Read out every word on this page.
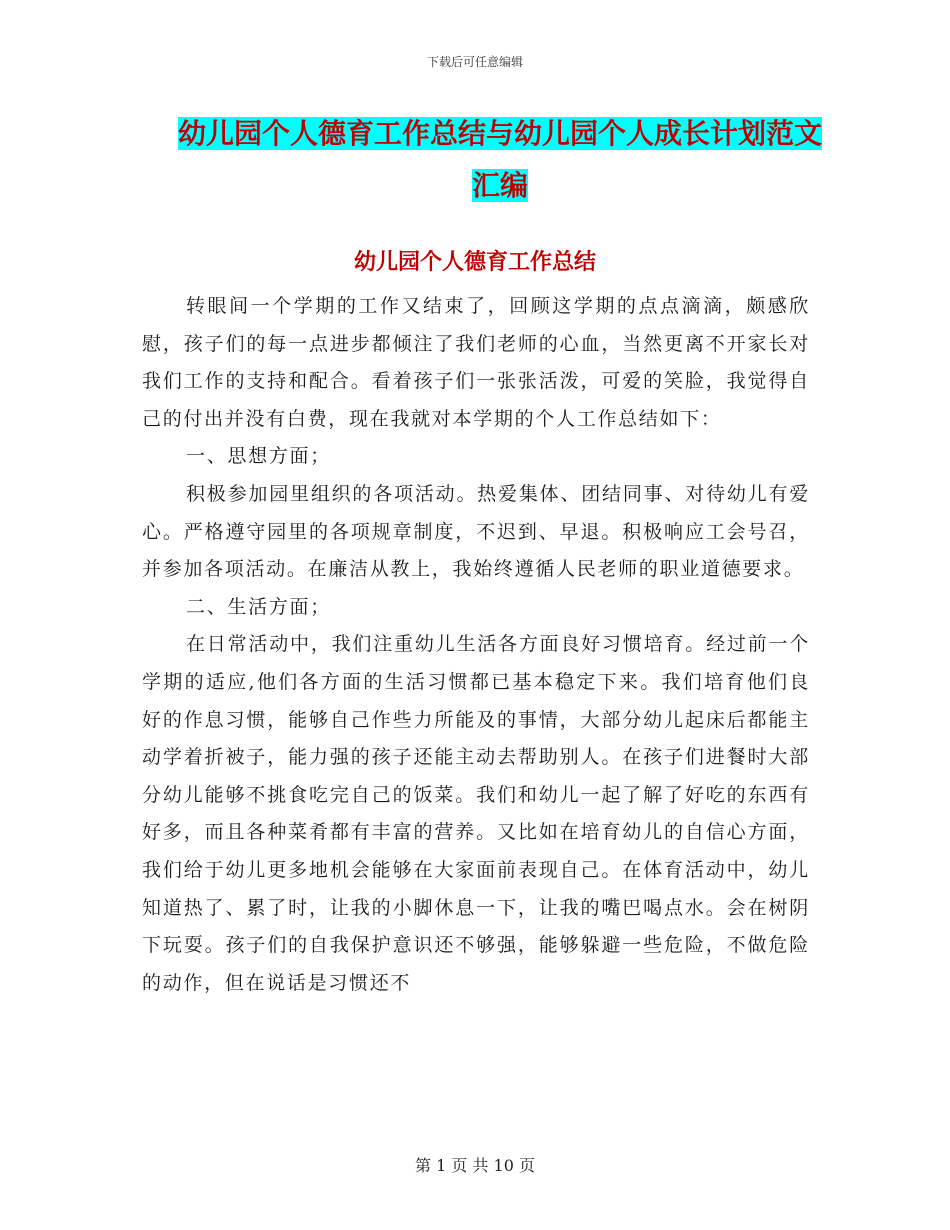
下载后可任意编辑
幼儿园个人德育工作总结与幼儿园个人成长计划范文
汇编
幼儿园个人德育工作总结

转眼间一个学期的工作又结束了，回顾这学期的点点滴滴，颇感欣慰，孩子们的每一点进步都倾注了我们老师的心血，当然更离不开家长对我们工作的支持和配合。看着孩子们一张张活泼，可爱的笑脸，我觉得自己的付出并没有白费，现在我就对本学期的个人工作总结如下：

一、思想方面；

积极参加园里组织的各项活动。热爱集体、团结同事、对待幼儿有爱心。严格遵守园里的各项规章制度，不迟到、早退。积极响应工会号召，并参加各项活动。在廉洁从教上，我始终遵循人民老师的职业道德要求。

二、生活方面；

在日常活动中，我们注重幼儿生活各方面良好习惯培育。经过前一个学期的适应,他们各方面的生活习惯都已基本稳定下来。我们培育他们良好的作息习惯，能够自己作些力所能及的事情，大部分幼儿起床后都能主动学着折被子，能力强的孩子还能主动去帮助别人。在孩子们进餐时大部分幼儿能够不挑食吃完自己的饭菜。我们和幼儿一起了解了好吃的东西有好多，而且各种菜肴都有丰富的营养。又比如在培育幼儿的自信心方面，我们给于幼儿更多地机会能够在大家面前表现自己。在体育活动中，幼儿知道热了、累了时，让我的小脚休息一下，让我的嘴巴喝点水。会在树阴下玩耍。孩子们的自我保护意识还不够强，能够躲避一些危险，不做危险的动作，但在说话是习惯还不

第 1 页 共 10 页
